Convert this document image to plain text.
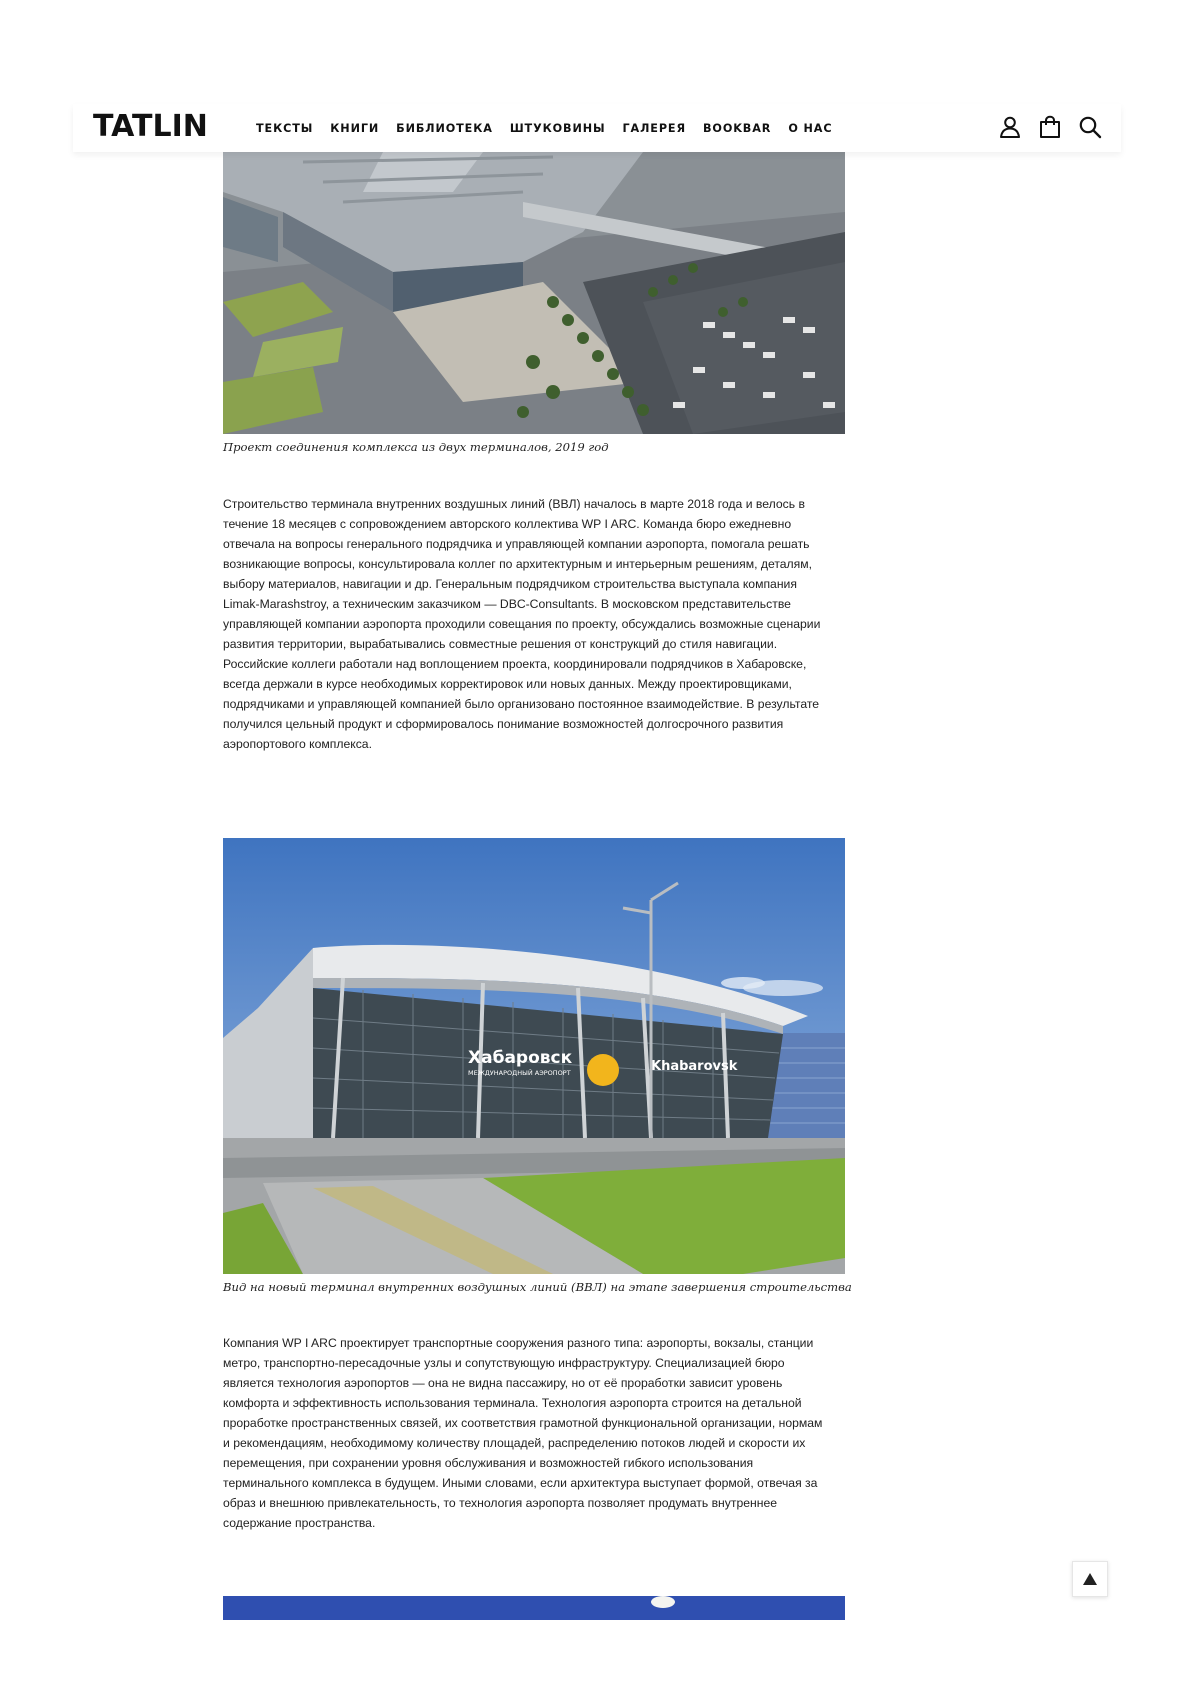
TATLIN	ТЕКСТЫ КНИГИ БИБЛИОТЕКА ШТУКОВИНЫ ГАЛЕРЕЯ BOOKBAR О НАС
Проект соединения комплекса из двух терминалов, 2019 год

Строительство терминала внутренних воздушных линий (ВВЛ) началось в марте 2018 года и велось в течение 18 месяцев с сопровождением авторского коллектива WP I ARC. Команда бюро ежедневно отвечала на вопросы генерального подрядчика и управляющей компании аэропорта, помогала решать возникающие вопросы, консультировала коллег по архитектурным и интерьерным решениям, деталям, выбору материалов, навигации и др. Генеральным подрядчиком строительства выступала компания Limak-Marashstroy, а техническим заказчиком — DBC-Consultants. В московском представительстве управляющей компании аэропорта проходили совещания по проекту, обсуждались возможные сценарии развития территории, вырабатывались совместные решения от конструкций до стиля навигации. Российские коллеги работали над воплощением проекта, координировали подрядчиков в Хабаровске, всегда держали в курсе необходимых корректировок или новых данных. Между проектировщиками, подрядчиками и управляющей компанией было организовано постоянное взаимодействие. В результате получился цельный продукт и сформировалось понимание возможностей долгосрочного развития аэропортового комплекса.

Хабаровск
МЕЖДУНАРОДНЫЙ АЭРОПОРТ	Khabarovsk
Вид на новый терминал внутренних воздушных линий (ВВЛ) на этапе завершения строительства

Компания WP I ARC проектирует транспортные сооружения разного типа: аэропорты, вокзалы, станции метро, транспортно-пересадочные узлы и сопутствующую инфраструктуру. Специализацией бюро является технология аэропортов — она не видна пассажиру, но от её проработки зависит уровень комфорта и эффективность использования терминала. Технология аэропорта строится на детальной проработке пространственных связей, их соответствия грамотной функциональной организации, нормам и рекомендациям, необходимому количеству площадей, распределению потоков людей и скорости их перемещения, при сохранении уровня обслуживания и возможностей гибкого использования терминального комплекса в будущем. Иными словами, если архитектура выступает формой, отвечая за образ и внешнюю привлекательность, то технология аэропорта позволяет продумать внутреннее содержание пространства.
